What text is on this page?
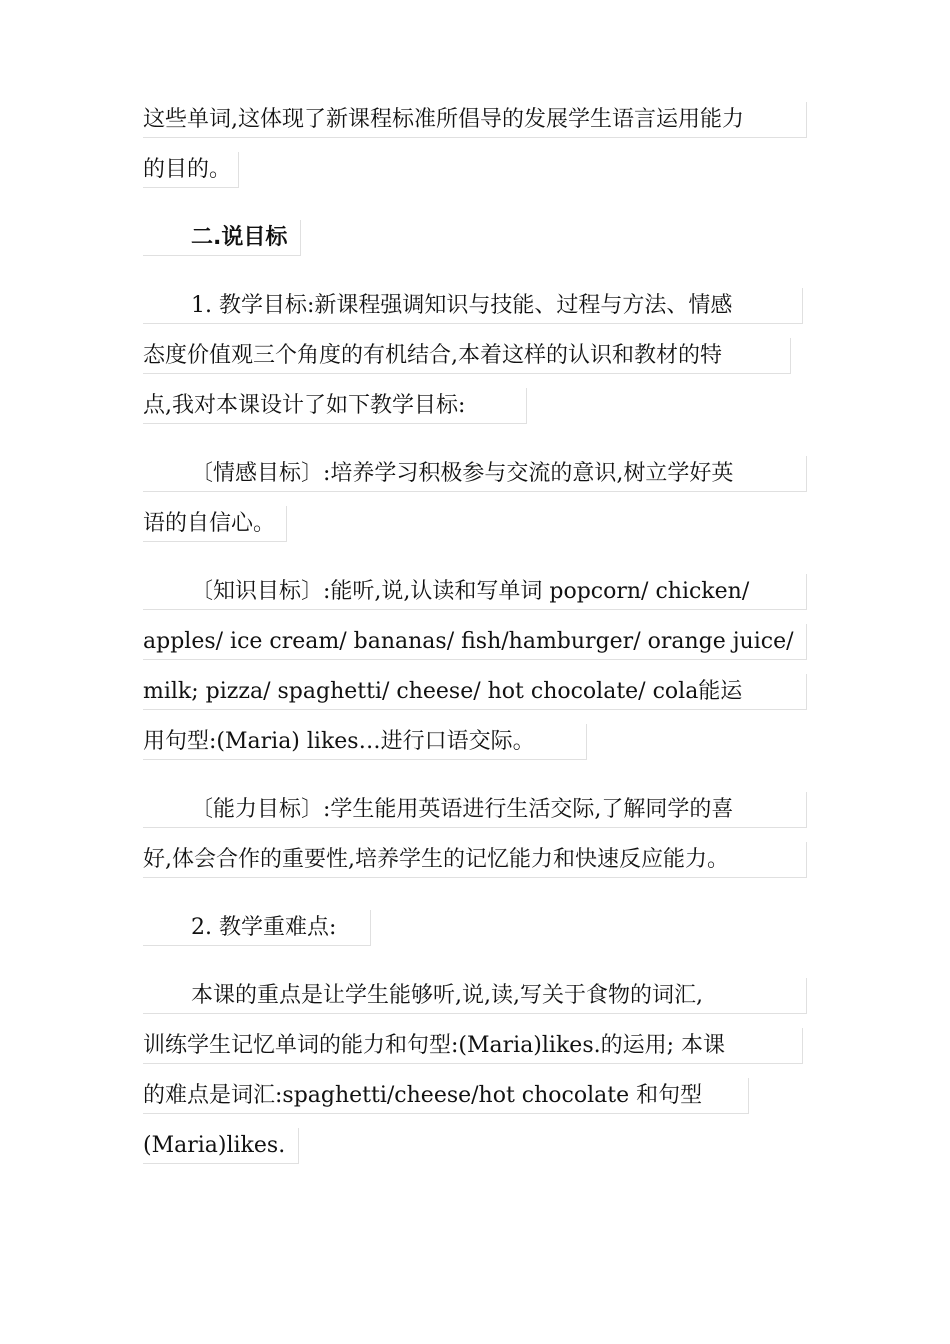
这些单词,这体现了新课程标准所倡导的发展学生语言运用能力
的目的。
二.说目标
1. 教学目标:新课程强调知识与技能、过程与方法、情感
态度价值观三个角度的有机结合,本着这样的认识和教材的特
点,我对本课设计了如下教学目标:
〔情感目标〕:培养学习积极参与交流的意识,树立学好英
语的自信心。
〔知识目标〕:能听,说,认读和写单词 popcorn/ chicken/
apples/ ice cream/ bananas/ fish/hamburger/ orange juice/
milk; pizza/ spaghetti/ cheese/ hot chocolate/ cola能运
用句型:(Maria) likes…进行口语交际。
〔能力目标〕:学生能用英语进行生活交际,了解同学的喜
好,体会合作的重要性,培养学生的记忆能力和快速反应能力。
2. 教学重难点:
本课的重点是让学生能够听,说,读,写关于食物的词汇,
训练学生记忆单词的能力和句型:(Maria)likes.的运用; 本课
的难点是词汇:spaghetti/cheese/hot chocolate 和句型
(Maria)likes.
